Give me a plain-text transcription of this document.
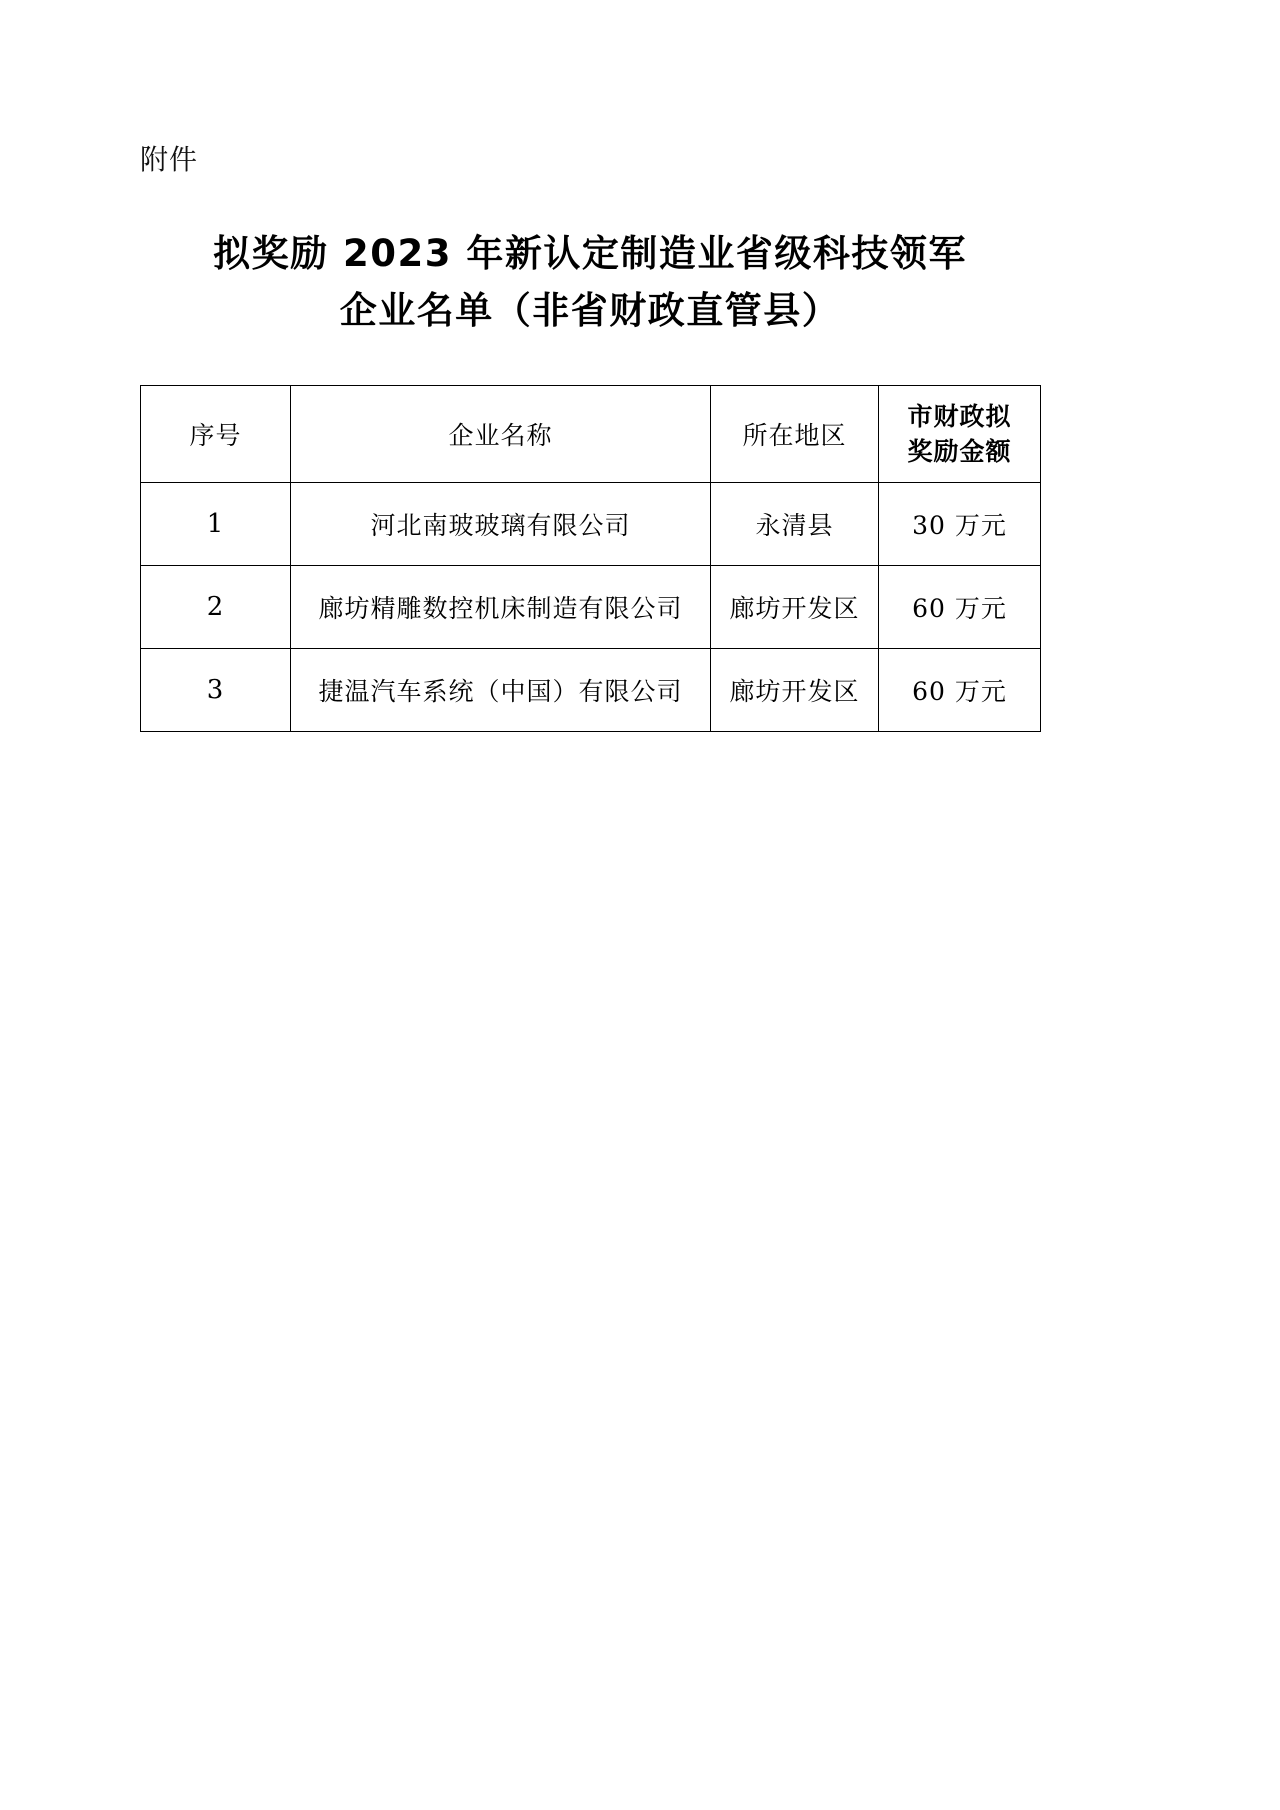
附件
拟奖励 2023 年新认定制造业省级科技领军
企业名单（非省财政直管县）
序号	企业名称	所在地区	市财政拟
奖励金额

1	河北南玻玻璃有限公司	永清县	30 万元
2	廊坊精雕数控机床制造有限公司	廊坊开发区	60 万元
3	捷温汽车系统（中国）有限公司	廊坊开发区	60 万元
